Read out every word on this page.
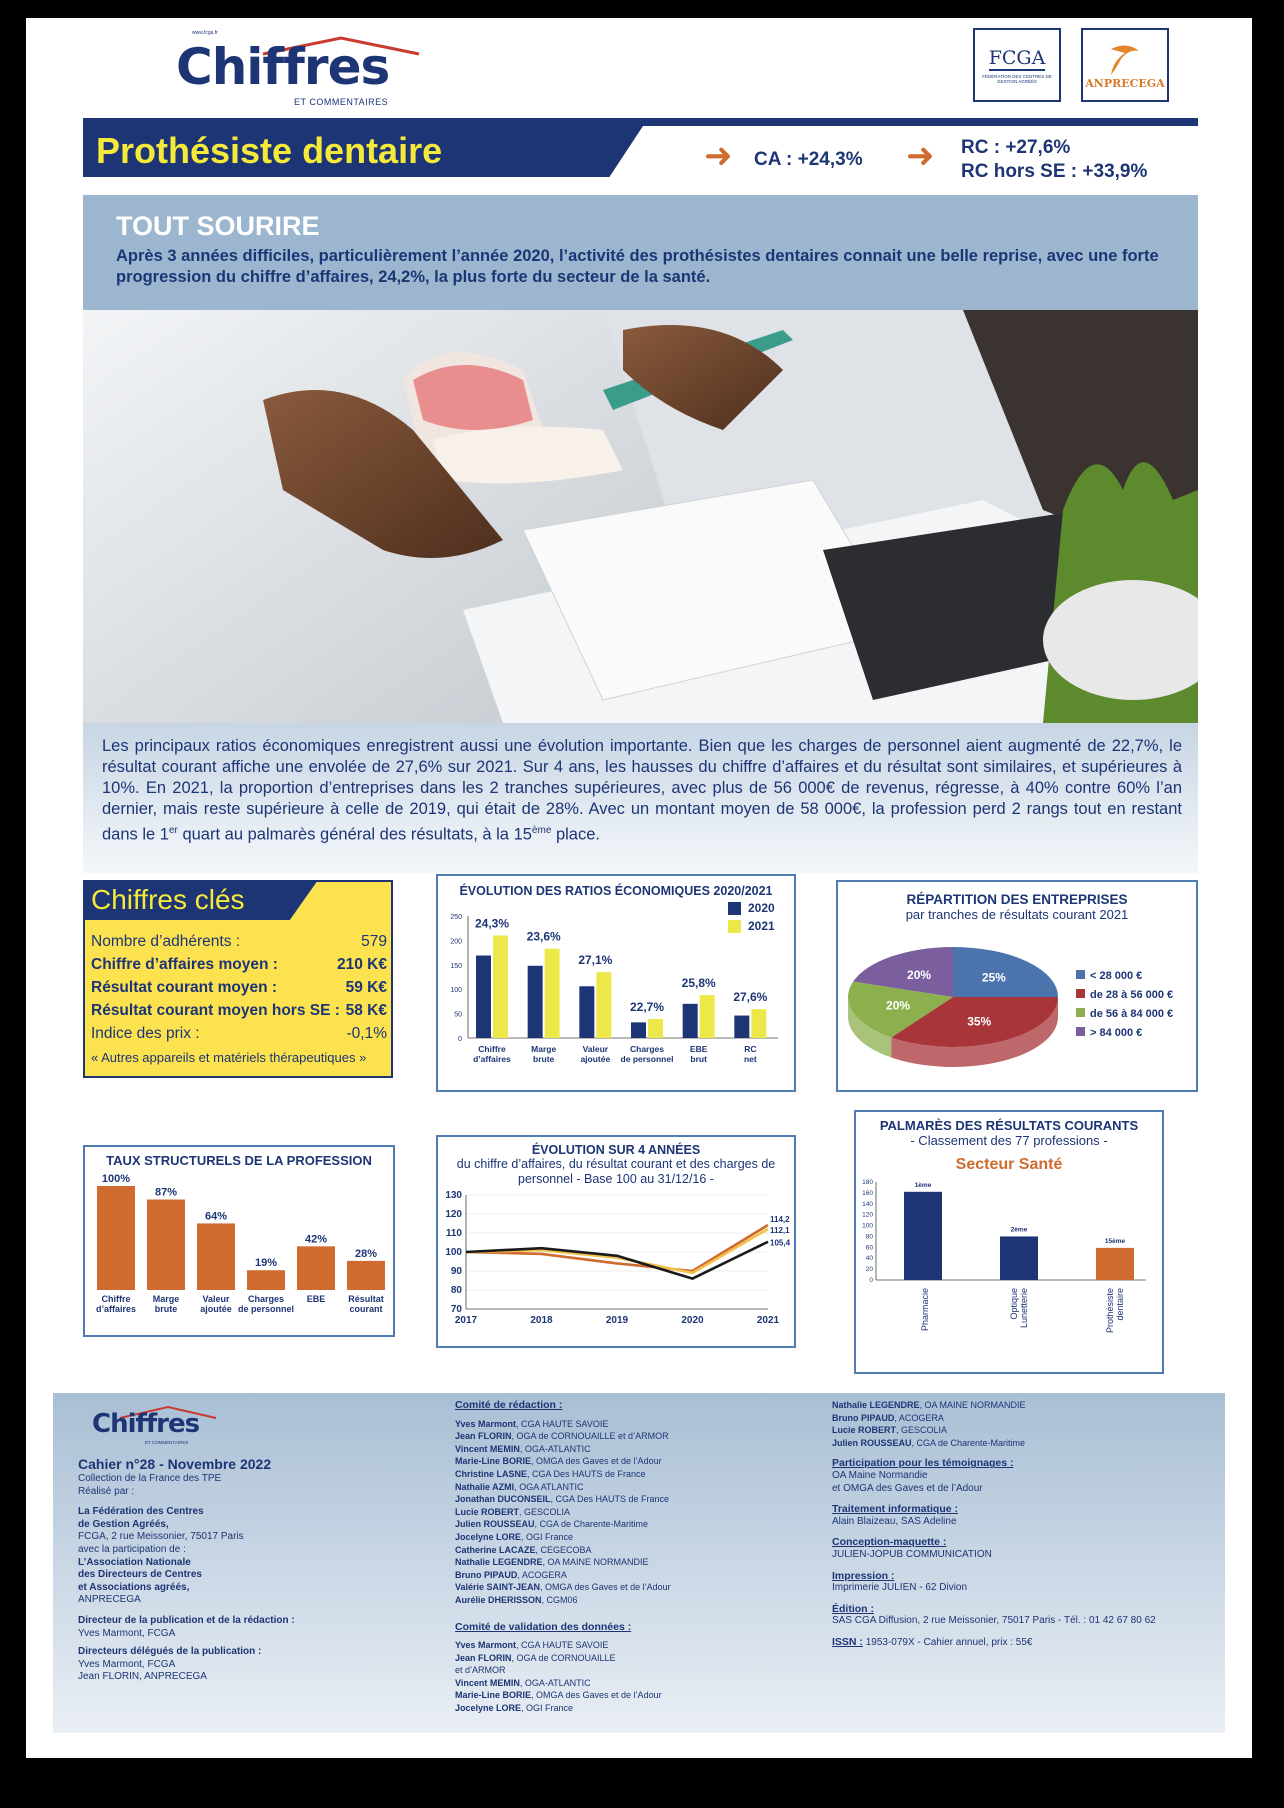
www.fcga.fr
Chiffres
ET COMMENTAIRES
FCGA
FÉDÉRATION DES CENTRES DE GESTION AGRÉÉS	ANPRECEGA
Prothésiste dentaire	➜ CA : +24,3% ➜ RC : +27,6%
RC hors SE : +33,9%
TOUT SOURIRE
Après 3 années difficiles, particulièrement l’année 2020, l’activité des prothésistes dentaires connait une belle reprise, avec une forte progression du chiffre d’affaires, 24,2%, la plus forte du secteur de la santé.
Les principaux ratios économiques enregistrent aussi une évolution importante. Bien que les charges de personnel aient augmenté de 22,7%, le résultat courant affiche une envolée de 27,6% sur 2021. Sur 4 ans, les hausses du chiffre d’affaires et du résultat sont similaires, et supérieures à 10%. En 2021, la proportion d’entreprises dans les 2 tranches supérieures, avec plus de 56 000€ de revenus, régresse, à 40% contre 60% l’an dernier, mais reste supérieure à celle de 2019, qui était de 28%. Avec un montant moyen de 58 000€, la profession perd 2 rangs tout en restant dans le 1er quart au palmarès général des résultats, à la 15ème place.
Chiffres clés
Nombre d’adhérents :	579
Chiffre d’affaires moyen :	210 K€
Résultat courant moyen :	59 K€
Résultat courant moyen hors SE : 58 K€
Indice des prix :	-0,1%
« Autres appareils et matériels thérapeutiques »
ÉVOLUTION DES RATIOS ÉCONOMIQUES 2020/2021
0
50
100
150
200
250 24,3%
Chiffre d’affaires
23,6%
Marge brute
27,1%
Valeur ajoutée
22,7%
Charges de personnel
25,8%
EBE brut
27,6%
RC net
2020
2021
RÉPARTITION DES ENTREPRISES
par tranches de résultats courant 2021
25%
35%
20%
20%	< 28 000 €
de 28 à 56 000 €
de 56 à 84 000 €
> 84 000 €
TAUX STRUCTURELS DE LA PROFESSION
100%
Chiffre d’affaires
87%
Marge brute
64%
Valeur ajoutée
19%
Charges de personnel
42%
EBE
28%
Résultat courant
ÉVOLUTION SUR 4 ANNÉES
du chiffre d’affaires, du résultat courant et des charges de personnel - Base 100 au 31/12/16 -
70
80
90
100
110
120
130
2017	2018	2019	2020	2021
114,2
112,1
105,4
PALMARÈS DES RÉSULTATS COURANTS
- Classement des 77 professions -
Secteur Santé
0
20
40
60
80
100
120
140
160
180	1ème
Pharmacie
2ème
OptiqueLunetterie
15ème
Prothésistedentaire
Chiffres
ET COMMENTAIRES
Cahier n°28 - Novembre 2022
Collection de la France des TPE
Réalisé par :
La Fédération des Centres
de Gestion Agréés,
FCGA, 2 rue Meissonier, 75017 Paris
avec la participation de :
L’Association Nationale
des Directeurs de Centres
et Associations agréés,
ANPRECEGA
Directeur de la publication et de la rédaction :
Yves Marmont, FCGA
Directeurs délégués de la publication :
Yves Marmont, FCGA
Jean FLORIN, ANPRECEGA
Comité de rédaction :
Yves Marmont, CGA HAUTE SAVOIE
Jean FLORIN, OGA de CORNOUAILLE et d’ARMOR
Vincent MEMIN, OGA-ATLANTIC
Marie-Line BORIE, OMGA des Gaves et de l’Adour
Christine LASNE, CGA Des HAUTS de France
Nathalie AZMI, OGA ATLANTIC
Jonathan DUCONSEIL, CGA Des HAUTS de France
Lucie ROBERT, GESCOLIA
Julien ROUSSEAU, CGA de Charente-Maritime
Jocelyne LORE, OGI France
Catherine LACAZE, CEGECOBA
Nathalie LEGENDRE, OA MAINE NORMANDIE
Bruno PIPAUD, ACOGERA
Valérie SAINT-JEAN, OMGA des Gaves et de l’Adour
Aurélie DHERISSON, CGM06
Comité de validation des données :
Yves Marmont, CGA HAUTE SAVOIE
Jean FLORIN, OGA de CORNOUAILLE
et d’ARMOR
Vincent MEMIN, OGA-ATLANTIC
Marie-Line BORIE, OMGA des Gaves et de l’Adour
Jocelyne LORE, OGI France
Nathalie LEGENDRE, OA MAINE NORMANDIE
Bruno PIPAUD, ACOGERA
Lucie ROBERT, GESCOLIA
Julien ROUSSEAU, CGA de Charente-Maritime
Participation pour les témoignages :
OA Maine Normandie
et OMGA des Gaves et de l’Adour
Traitement informatique :
Alain Blaizeau, SAS Adeline
Conception-maquette :
JULIEN-JOPUB COMMUNICATION
Impression :
Imprimerie JULIEN - 62 Divion
Édition :
SAS CGA Diffusion, 2 rue Meissonier, 75017 Paris - Tél. : 01 42 67 80 62
ISSN : 1953-079X - Cahier annuel, prix : 55€
